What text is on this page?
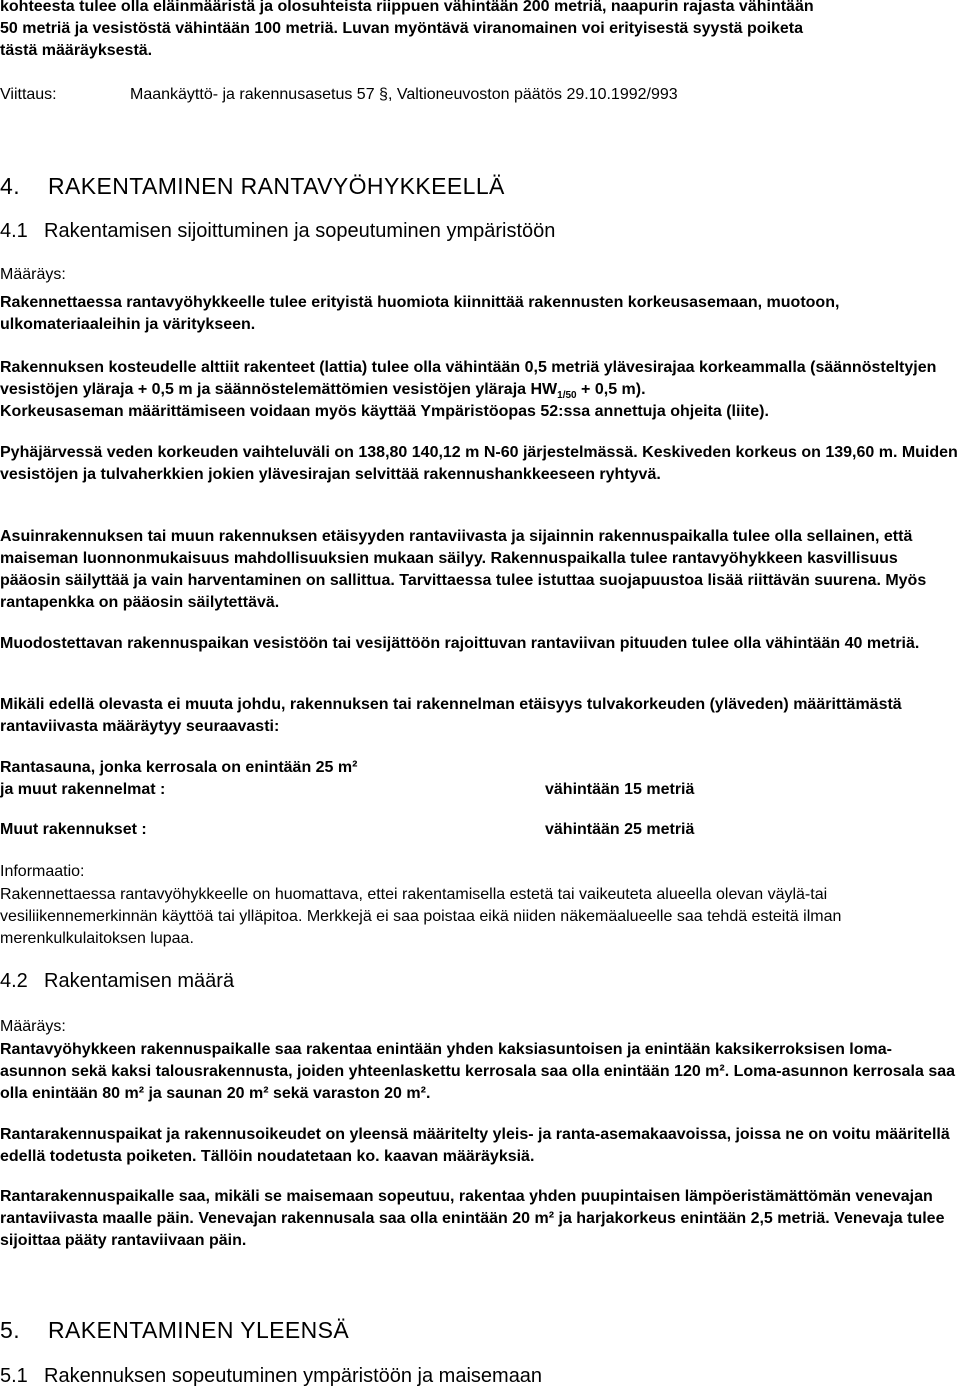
kohteesta tulee olla eläinmääristä ja olosuhteista riippuen vähintään 200 metriä, naapurin rajasta vähintään
50 metriä ja vesistöstä vähintään 100 metriä. Luvan myöntävä viranomainen voi erityisestä syystä poiketa
tästä määräyksestä.
Viittaus:	Maankäyttö- ja rakennusasetus 57 §, Valtioneuvoston päätös 29.10.1992/993
4. RAKENTAMINEN RANTAVYÖHYKKEELLÄ
4.1 Rakentamisen sijoittuminen ja sopeutuminen ympäristöön
Määräys:

Rakennettaessa rantavyöhykkeelle tulee erityistä huomiota kiinnittää rakennusten korkeusasemaan, muotoon, ulkomateriaaleihin ja väritykseen.

Rakennuksen kosteudelle alttiit rakenteet (lattia) tulee olla vähintään 0,5 metriä ylävesirajaa korkeammalla (säännösteltyjen vesistöjen yläraja + 0,5 m ja säännöstelemättömien vesistöjen yläraja $HW_{1/50} + 0,5$ m).
Korkeusaseman määrittämiseen voidaan myös käyttää Ympäristöopas 52:ssa annettuja ohjeita (liite).

Pyhäjärvessä veden korkeuden vaihteluväli on 138,80 140,12 m N-60 järjestelmässä. Keskiveden korkeus on 139,60 m. Muiden vesistöjen ja tulvaherkkien jokien ylävesirajan selvittää rakennushankkeeseen ryhtyvä.

Asuinrakennuksen tai muun rakennuksen etäisyyden rantaviivasta ja sijainnin rakennuspaikalla tulee olla sellainen, että maiseman luonnonmukaisuus mahdollisuuksien mukaan säilyy. Rakennuspaikalla tulee rantavyöhykkeen kasvillisuus pääosin säilyttää ja vain harventaminen on sallittua. Tarvittaessa tulee istuttaa suojapuustoa lisää riittävän suurena. Myös rantapenkka on pääosin säilytettävä.

Muodostettavan rakennuspaikan vesistöön tai vesijättöön rajoittuvan rantaviivan pituuden tulee olla vähintään 40 metriä.

Mikäli edellä olevasta ei muuta johdu, rakennuksen tai rakennelman etäisyys tulvakorkeuden (yläveden) määrittämästä rantaviivasta määräytyy seuraavasti:

Rantasauna, jonka kerrosala on enintään 25 m²
ja muut rakennelmat :	vähintään 15 metriä
Muut rakennukset :	vähintään 25 metriä
Informaatio:

Rakennettaessa rantavyöhykkeelle on huomattava, ettei rakentamisella estetä tai vaikeuteta alueella olevan väylä-tai vesiliikennemerkinnän käyttöä tai ylläpitoa. Merkkejä ei saa poistaa eikä niiden näkemäalueelle saa tehdä esteitä ilman merenkulkulaitoksen lupaa.

4.2 Rakentamisen määrä
Määräys:

Rantavyöhykkeen rakennuspaikalle saa rakentaa enintään yhden kaksiasuntoisen ja enintään kaksikerroksisen loma-asunnon sekä kaksi talousrakennusta, joiden yhteenlaskettu kerrosala saa olla enintään 120 m². Loma-asunnon kerrosala saa olla enintään 80 m² ja saunan 20 m² sekä varaston 20 m².

Rantarakennuspaikat ja rakennusoikeudet on yleensä määritelty yleis- ja ranta-asemakaavoissa, joissa ne on voitu määritellä edellä todetusta poiketen. Tällöin noudatetaan ko. kaavan määräyksiä.

Rantarakennuspaikalle saa, mikäli se maisemaan sopeutuu, rakentaa yhden puupintaisen lämpöeristämättömän venevajan rantaviivasta maalle päin. Venevajan rakennusala saa olla enintään 20 m² ja harjakorkeus enintään 2,5 metriä. Venevaja tulee sijoittaa pääty rantaviivaan päin.

5. RAKENTAMINEN YLEENSÄ
5.1 Rakennuksen sopeutuminen ympäristöön ja maisemaan
